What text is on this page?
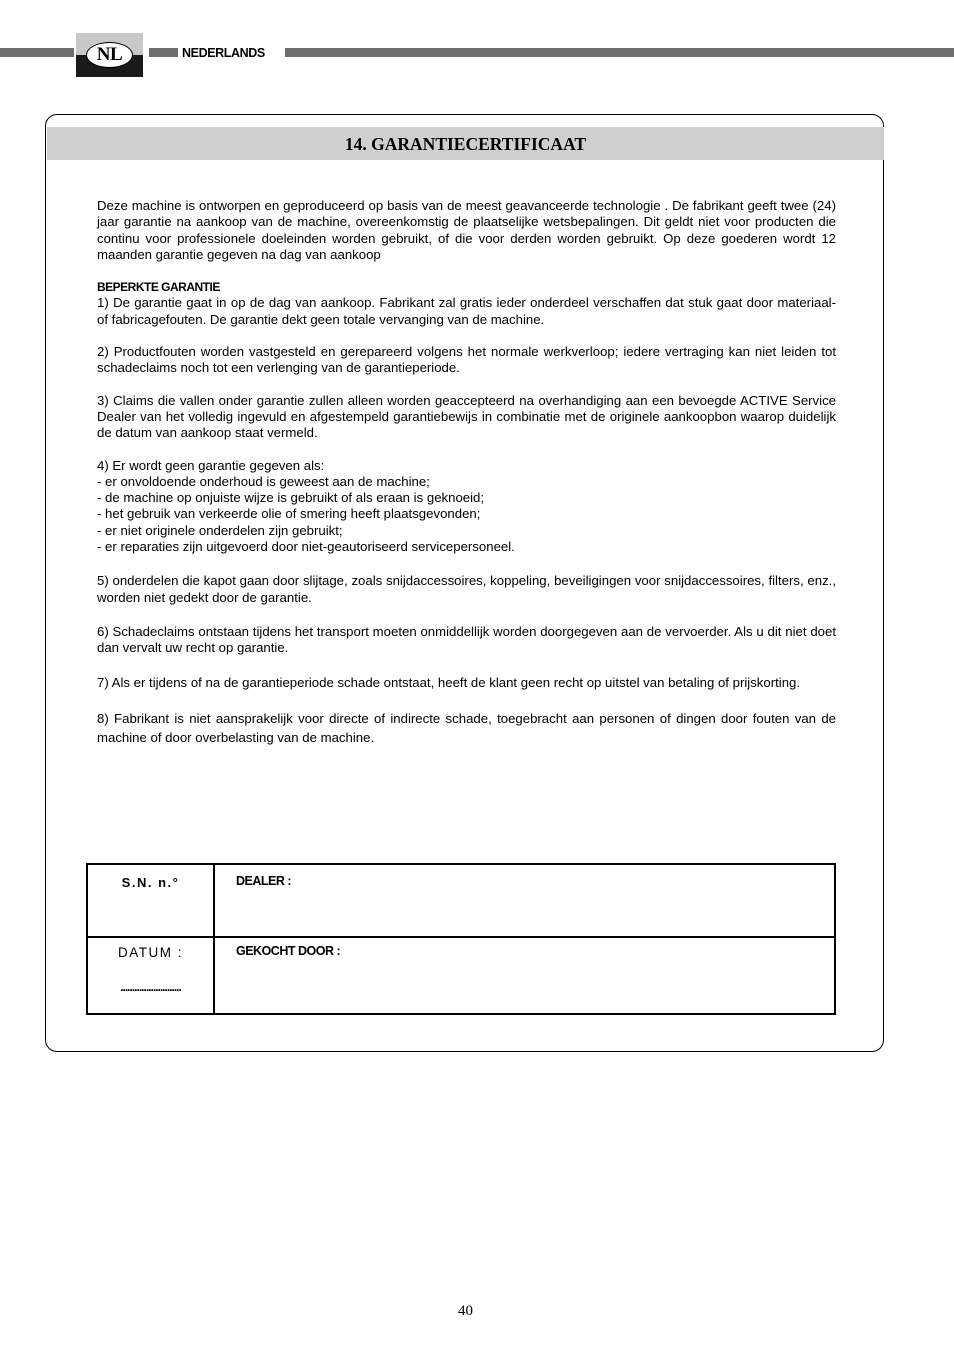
NL	NEDERLANDS
14. GARANTIECERTIFICAAT

Deze machine is ontworpen en geproduceerd op basis van de meest geavanceerde technologie . De fabrikant geeft twee (24) jaar garantie na aankoop van de machine, overeenkomstig de plaatselijke wetsbepalingen. Dit geldt niet voor producten die continu voor professionele doeleinden worden gebruikt, of die voor derden worden gebruikt. Op deze goederen wordt 12 maanden garantie gegeven na dag van aankoop

BEPERKTE GARANTIE

1) De garantie gaat in op de dag van aankoop. Fabrikant zal gratis ieder onderdeel verschaffen dat stuk gaat door materiaal- of fabricagefouten. De garantie dekt geen totale vervanging van de machine.

2) Productfouten worden vastgesteld en gerepareerd volgens het normale werkverloop; iedere vertraging kan niet leiden tot schadeclaims noch tot een verlenging van de garantieperiode.

3) Claims die vallen onder garantie zullen alleen worden geaccepteerd na overhandiging aan een bevoegde ACTIVE Service Dealer van het volledig ingevuld en afgestempeld garantiebewijs in combinatie met de originele aankoopbon waarop duidelijk de datum van aankoop staat vermeld.

4) Er wordt geen garantie gegeven als:

- er onvoldoende onderhoud is geweest aan de machine;

- de machine op onjuiste wijze is gebruikt of als eraan is geknoeid;

- het gebruik van verkeerde olie of smering heeft plaatsgevonden;

- er niet originele onderdelen zijn gebruikt;

- er reparaties zijn uitgevoerd door niet-geautoriseerd servicepersoneel.

5) onderdelen die kapot gaan door slijtage, zoals snijdaccessoires, koppeling, beveiligingen voor snijdaccessoires, filters, enz., worden niet gedekt door de garantie.

6) Schadeclaims ontstaan tijdens het transport moeten onmiddellijk worden doorgegeven aan de vervoerder. Als u dit niet doet dan vervalt uw recht op garantie.

7) Als er tijdens of na de garantieperiode schade ontstaat, heeft de klant geen recht op uitstel van betaling of prijskorting.

8) Fabrikant is niet aansprakelijk voor directe of indirecte schade, toegebracht aan personen of dingen door fouten van de machine of door overbelasting van de machine.

S.N. n.°	DEALER :
DATUM :
..........................
GEKOCHT DOOR :
40
